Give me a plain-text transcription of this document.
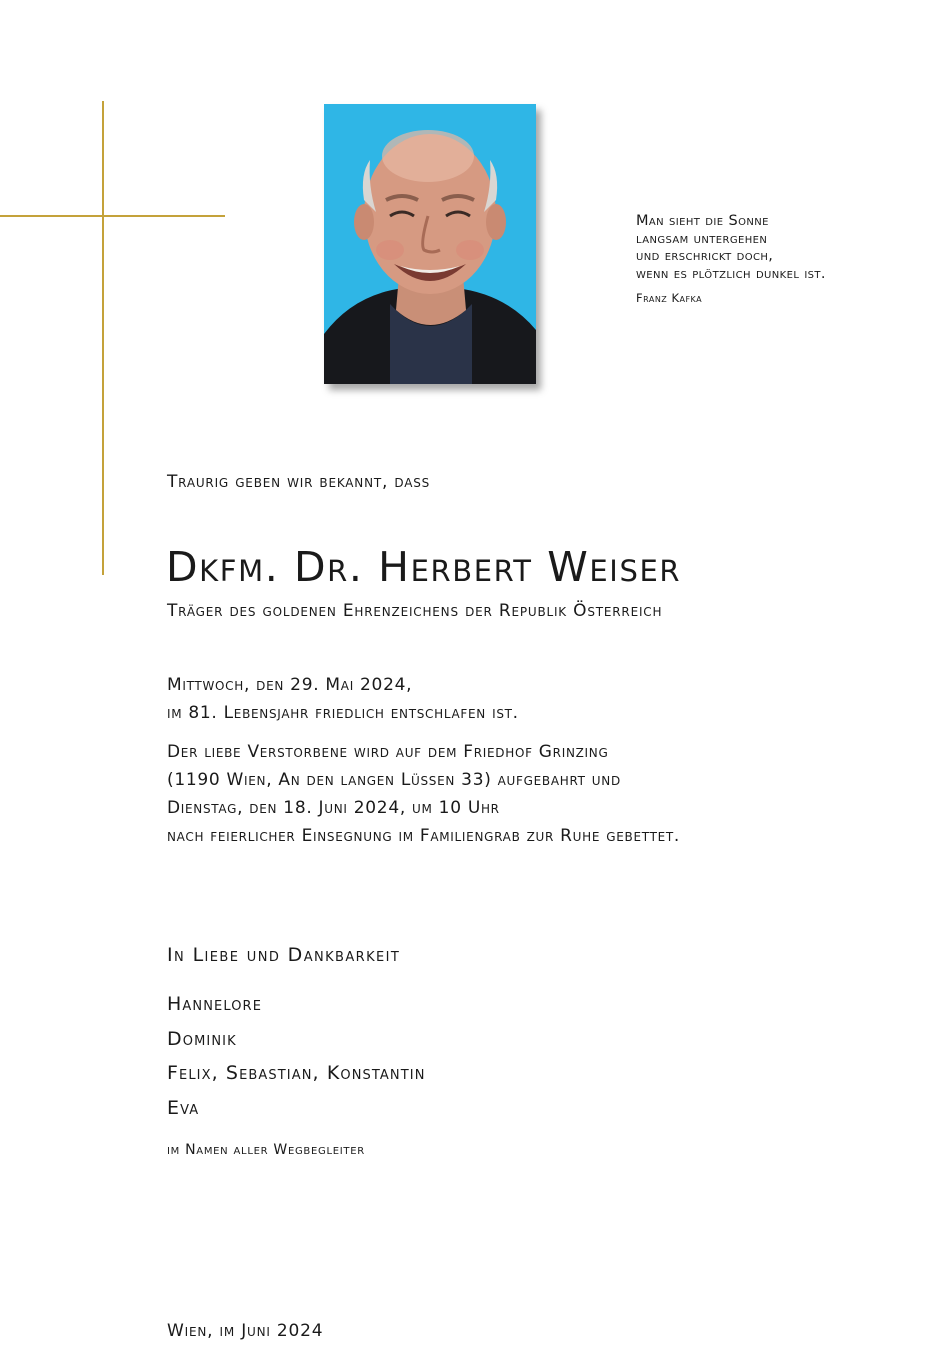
Man sieht die Sonne
langsam untergehen
und erschrickt doch,
wenn es plötzlich dunkel ist.
Franz Kafka
Traurig geben wir bekannt, dass
Dkfm. Dr. Herbert Weiser
Träger des goldenen Ehrenzeichens der Republik Österreich
Mittwoch, den 29. Mai 2024,
im 81. Lebensjahr friedlich entschlafen ist.
Der liebe Verstorbene wird auf dem Friedhof Grinzing
(1190 Wien, An den langen Lüssen 33) aufgebahrt und
Dienstag, den 18. Juni 2024, um 10 Uhr
nach feierlicher Einsegnung im Familiengrab zur Ruhe gebettet.
In Liebe und Dankbarkeit
Hannelore
Dominik
Felix, Sebastian, Konstantin
Eva
im Namen aller Wegbegleiter
Wien, im Juni 2024
